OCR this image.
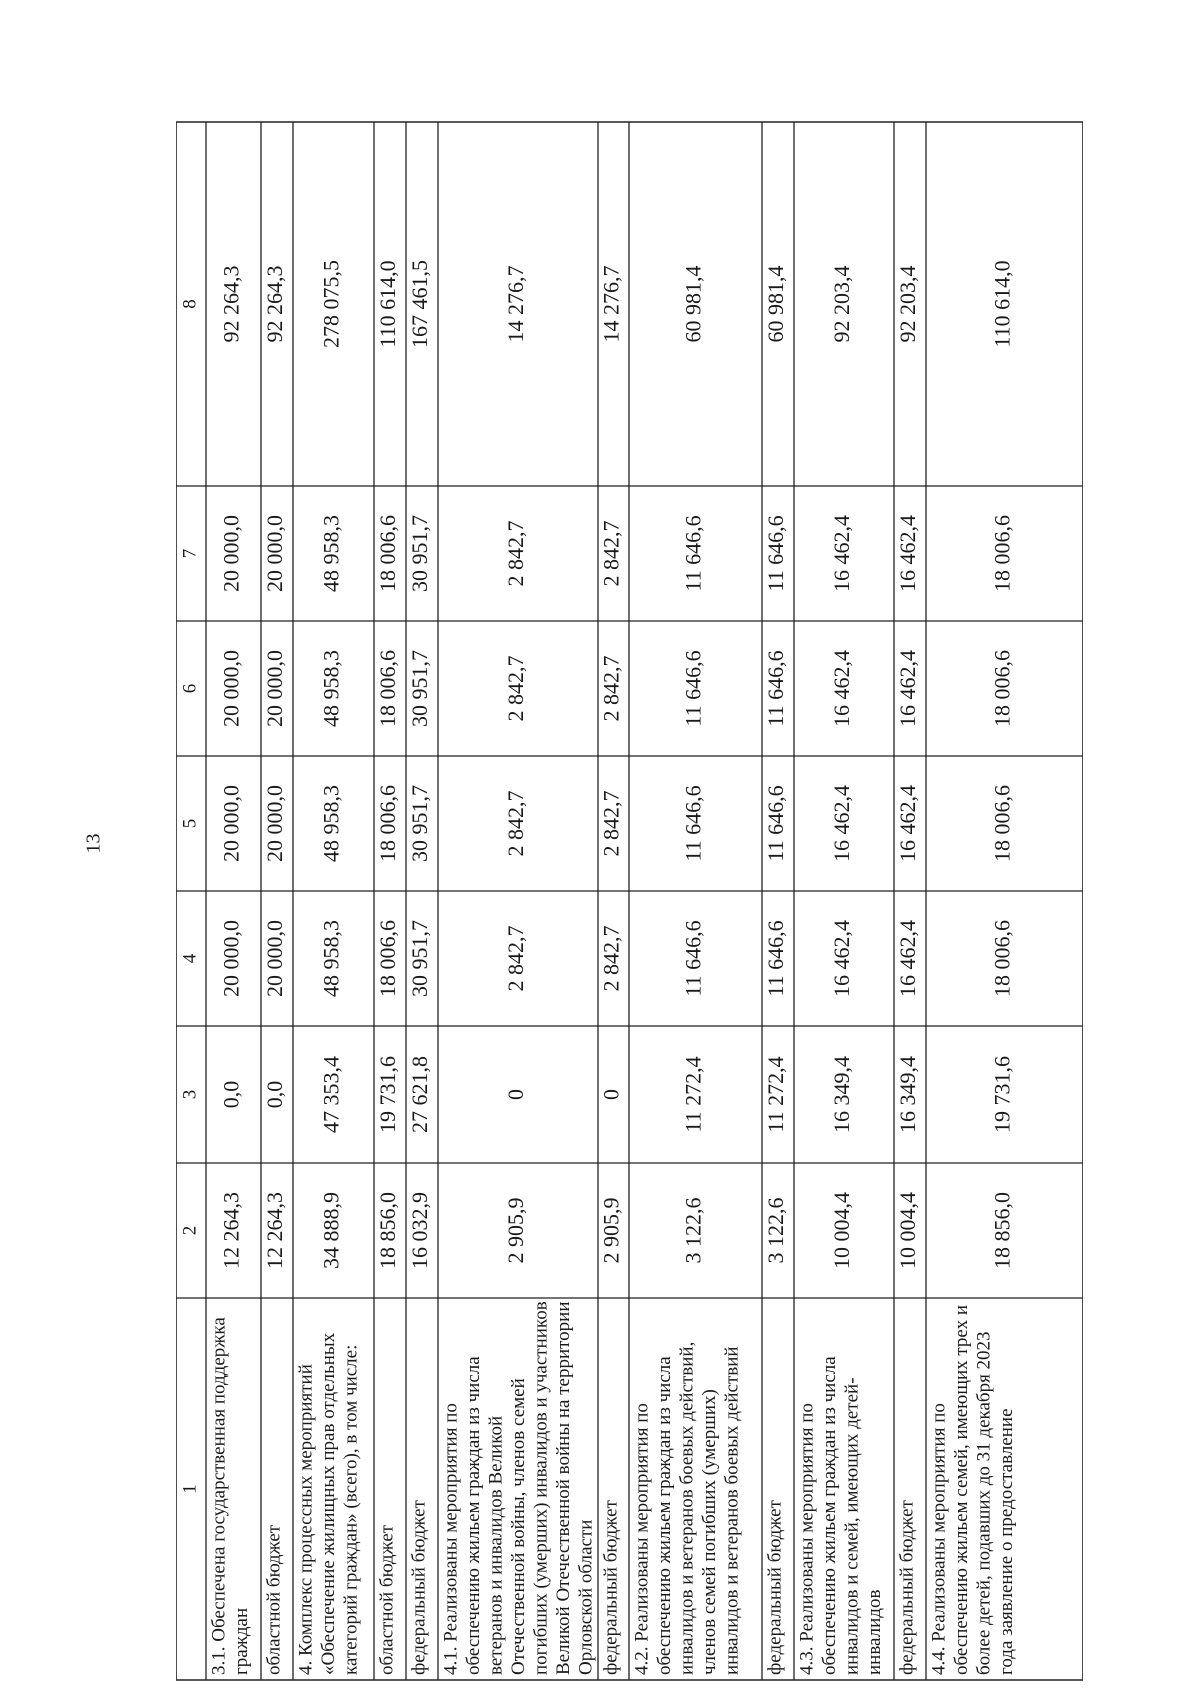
13
1
2
3
4
5
6
7
8
3.1. Обеспечена государственная поддержка граждан
12 264,3
0,0
20 000,0
20 000,0
20 000,0
20 000,0
92 264,3
областной бюджет
12 264,3
0,0
20 000,0
20 000,0
20 000,0
20 000,0
92 264,3
4. Комплекс процессных мероприятий «Обеспечение жилищных прав отдельных категорий граждан» (всего), в том числе:
34 888,9
47 353,4
48 958,3
48 958,3
48 958,3
48 958,3
278 075,5
областной бюджет
18 856,0
19 731,6
18 006,6
18 006,6
18 006,6
18 006,6
110 614,0
федеральный бюджет
16 032,9
27 621,8
30 951,7
30 951,7
30 951,7
30 951,7
167 461,5
4.1. Реализованы мероприятия по обеспечению жильем граждан из числа ветеранов и инвалидов Великой Отечественной войны, членов семей погибших (умерших) инвалидов и участников Великой Отечественной войны на территории Орловской области
2 905,9
0
2 842,7
2 842,7
2 842,7
2 842,7
14 276,7
федеральный бюджет
2 905,9
0
2 842,7
2 842,7
2 842,7
2 842,7
14 276,7
4.2. Реализованы мероприятия по обеспечению жильем граждан из числа инвалидов и ветеранов боевых действий, членов семей погибших (умерших) инвалидов и ветеранов боевых действий
3 122,6
11 272,4
11 646,6
11 646,6
11 646,6
11 646,6
60 981,4
федеральный бюджет
3 122,6
11 272,4
11 646,6
11 646,6
11 646,6
11 646,6
60 981,4
4.3. Реализованы мероприятия по обеспечению жильем граждан из числа инвалидов и семей, имеющих детей- инвалидов
10 004,4
16 349,4
16 462,4
16 462,4
16 462,4
16 462,4
92 203,4
федеральный бюджет
10 004,4
16 349,4
16 462,4
16 462,4
16 462,4
16 462,4
92 203,4
4.4. Реализованы мероприятия по обеспечению жильем семей, имеющих трех и более детей, подавших до 31 декабря 2023 года заявление о предоставление
18 856,0
19 731,6
18 006,6
18 006,6
18 006,6
18 006,6
110 614,0
